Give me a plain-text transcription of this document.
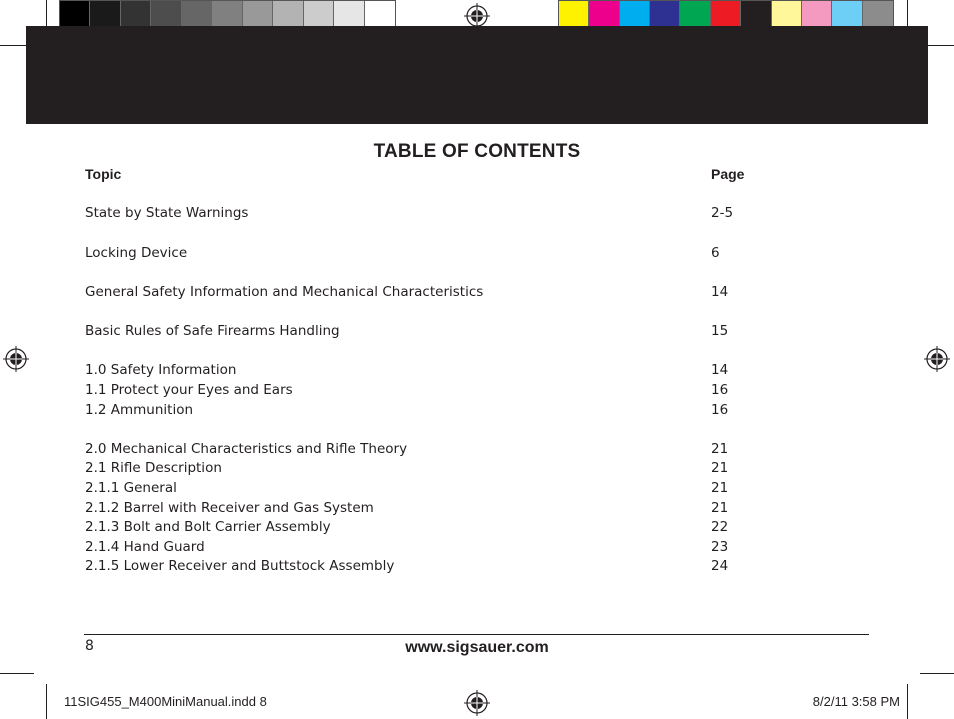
TABLE OF CONTENTS
Topic	Page
State by State Warnings	2-5
Locking Device	6
General Safety Information and Mechanical Characteristics	14
Basic Rules of Safe Firearms Handling	15
1.0 Safety Information	14
1.1 Protect your Eyes and Ears	16
1.2 Ammunition	16
2.0 Mechanical Characteristics and Rifle Theory	21
2.1 Rifle Description	21
2.1.1 General	21
2.1.2 Barrel with Receiver and Gas System	21
2.1.3 Bolt and Bolt Carrier Assembly	22
2.1.4 Hand Guard	23
2.1.5 Lower Receiver and Buttstock Assembly	24
8	www.sigsauer.com
11SIG455_M400MiniManual.indd 8	8/2/11 3:58 PM
